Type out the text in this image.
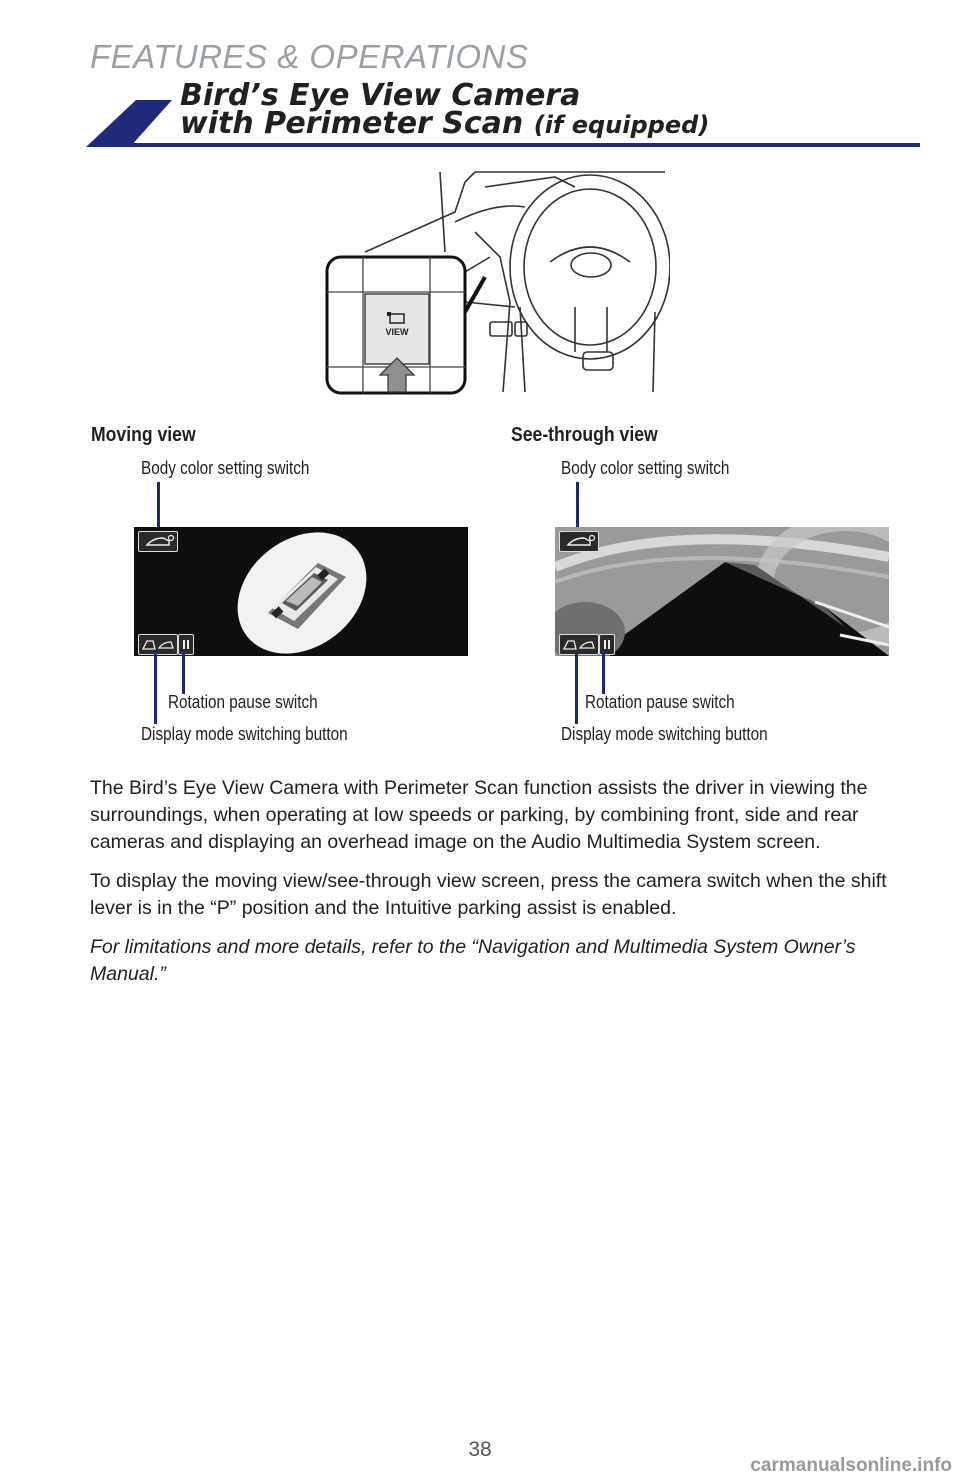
FEATURES & OPERATIONS
Bird’s Eye View Camera
with Perimeter Scan (if equipped)
VIEW
Moving view
Body color setting switch
Rotation pause switch
Display mode switching button
See-through view
Body color setting switch
Rotation pause switch
Display mode switching button

The Bird’s Eye View Camera with Perimeter Scan function assists the driver in viewing the surroundings, when operating at low speeds or parking, by combining front, side and rear cameras and displaying an overhead image on the Audio Multimedia System screen.

To display the moving view/see-through view screen, press the camera switch when the shift lever is in the “P” position and the Intuitive parking assist is enabled.

For limitations and more details, refer to the “Navigation and Multimedia System Owner’s Manual.”

38
carmanualsonline.info
